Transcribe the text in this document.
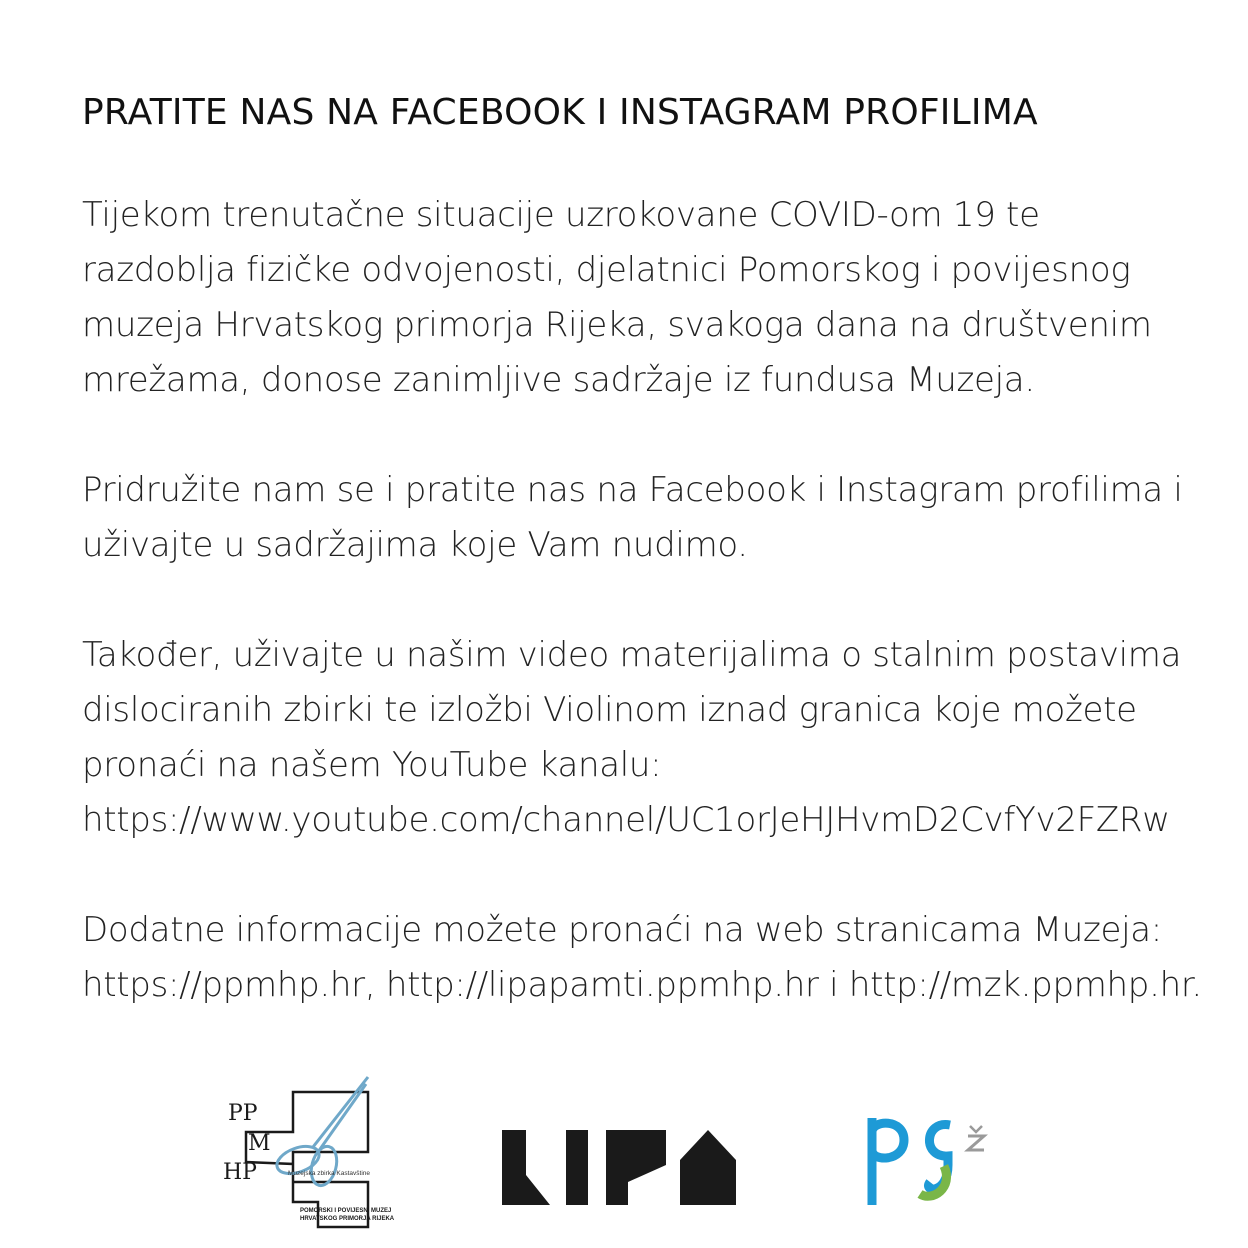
PRATITE NAS NA FACEBOOK I INSTAGRAM PROFILIMA
Tijekom trenutačne situacije uzrokovane COVID-om 19 te
razdoblja fizičke odvojenosti, djelatnici Pomorskog i povijesnog
muzeja Hrvatskog primorja Rijeka, svakoga dana na društvenim
mrežama, donose zanimljive sadržaje iz fundusa Muzeja.
Pridružite nam se i pratite nas na Facebook i Instagram profilima i
uživajte u sadržajima koje Vam nudimo.
Također, uživajte u našim video materijalima o stalnim postavima
dislociranih zbirki te izložbi Violinom iznad granica koje možete
pronaći na našem YouTube kanalu:
https://www.youtube.com/channel/UC1orJeHJHvmD2CvfYv2FZRw
Dodatne informacije možete pronaći na web stranicama Muzeja:
https://ppmhp.hr, http://lipapamti.ppmhp.hr i http://mzk.ppmhp.hr.
PP
M
HP	Muzejska zbirka Kastavštine
POMORSKI I POVIJESNI MUZEJ
HRVATSKOG PRIMORJA RIJEKA
